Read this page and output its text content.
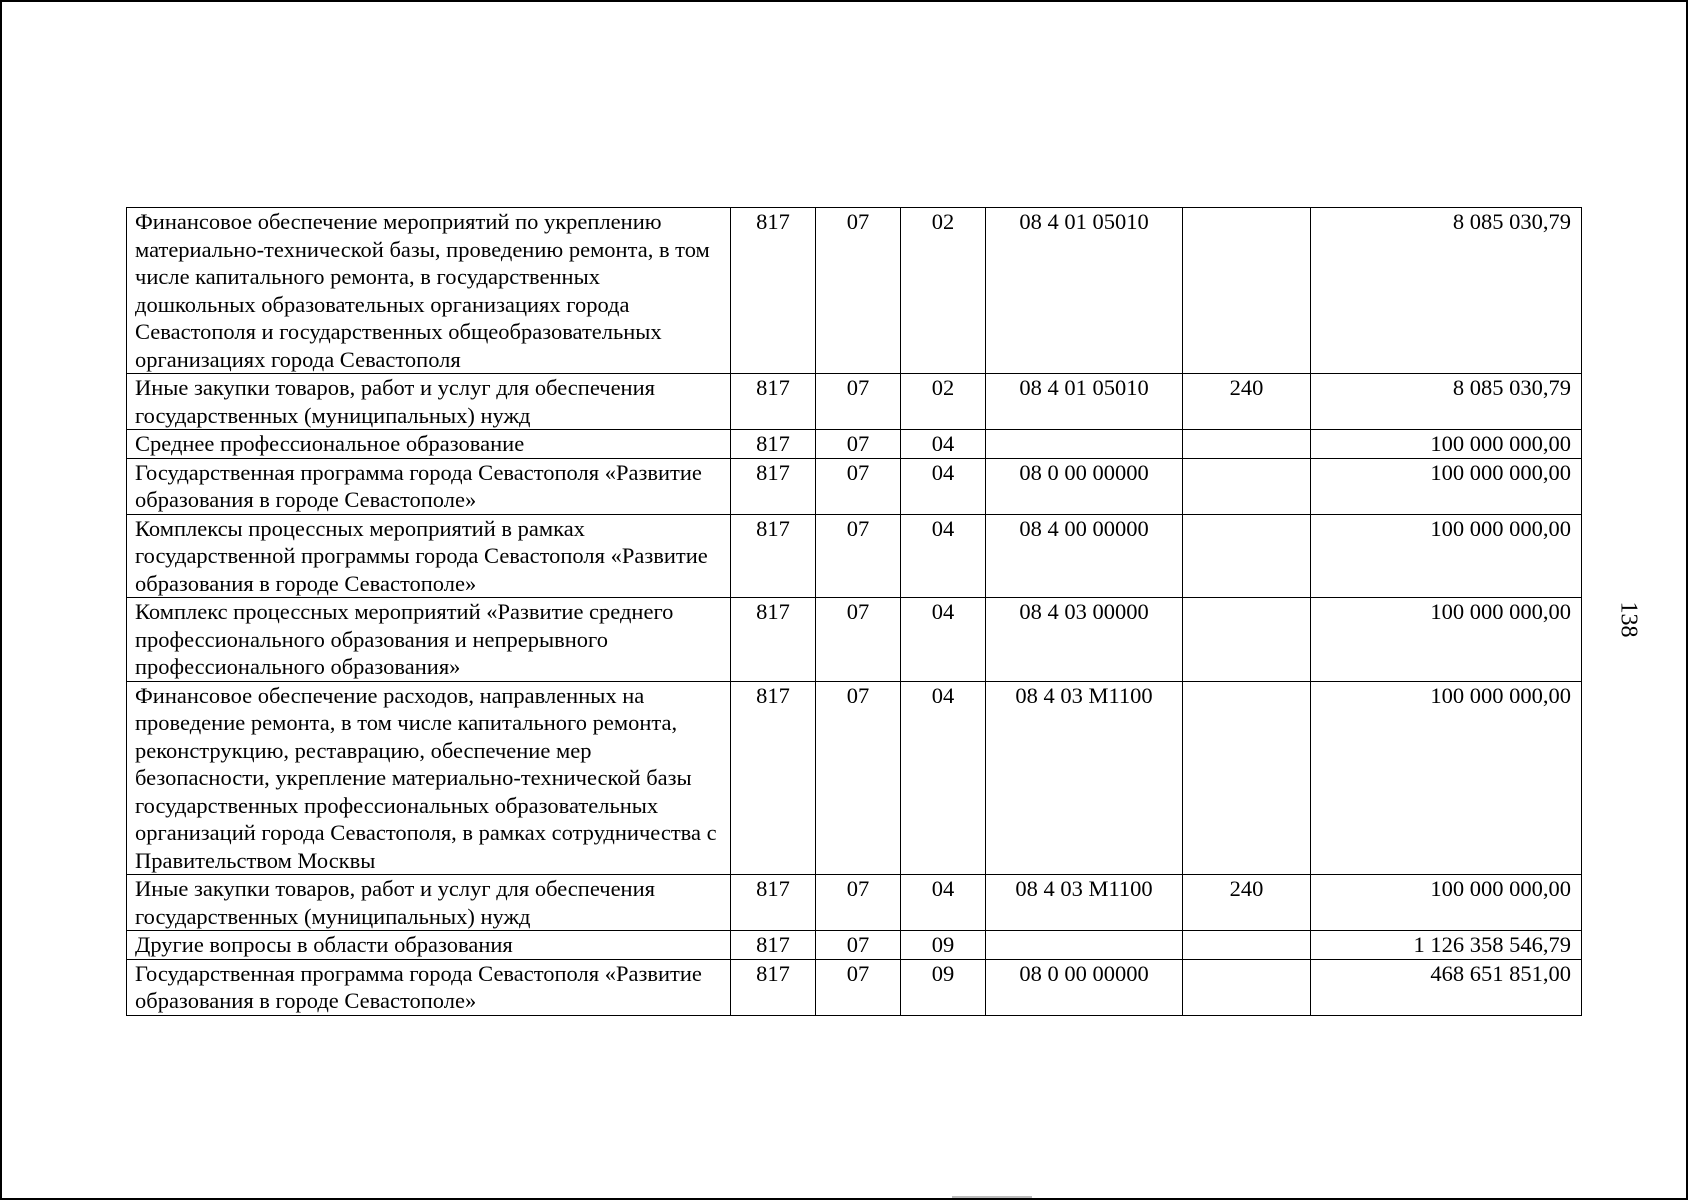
Финансовое обеспечение мероприятий по укреплению материально-технической базы, проведению ремонта, в том числе капитального ремонта, в государственных дошкольных образовательных организациях города Севастополя и государственных общеобразовательных организациях города Севастополя	817	07	02	08 4 01 05010		8 085 030,79
Иные закупки товаров, работ и услуг для обеспечения государственных (муниципальных) нужд	817	07	02	08 4 01 05010	240	8 085 030,79
Среднее профессиональное образование	817	07	04			100 000 000,00
Государственная программа города Севастополя «Развитие образования в городе Севастополе»	817	07	04	08 0 00 00000		100 000 000,00
Комплексы процессных мероприятий в рамках государственной программы города Севастополя «Развитие образования в городе Севастополе»	817	07	04	08 4 00 00000		100 000 000,00
Комплекс процессных мероприятий «Развитие среднего профессионального образования и непрерывного профессионального образования»	817	07	04	08 4 03 00000		100 000 000,00
Финансовое обеспечение расходов, направленных на проведение ремонта, в том числе капитального ремонта, реконструкцию, реставрацию, обеспечение мер безопасности, укрепление материально-технической базы государственных профессиональных образовательных организаций города Севастополя, в рамках сотрудничества с Правительством Москвы	817	07	04	08 4 03 M1100		100 000 000,00
Иные закупки товаров, работ и услуг для обеспечения государственных (муниципальных) нужд	817	07	04	08 4 03 M1100	240	100 000 000,00
Другие вопросы в области образования	817	07	09			1 126 358 546,79
Государственная программа города Севастополя «Развитие образования в городе Севастополе»	817	07	09	08 0 00 00000		468 651 851,00
138
